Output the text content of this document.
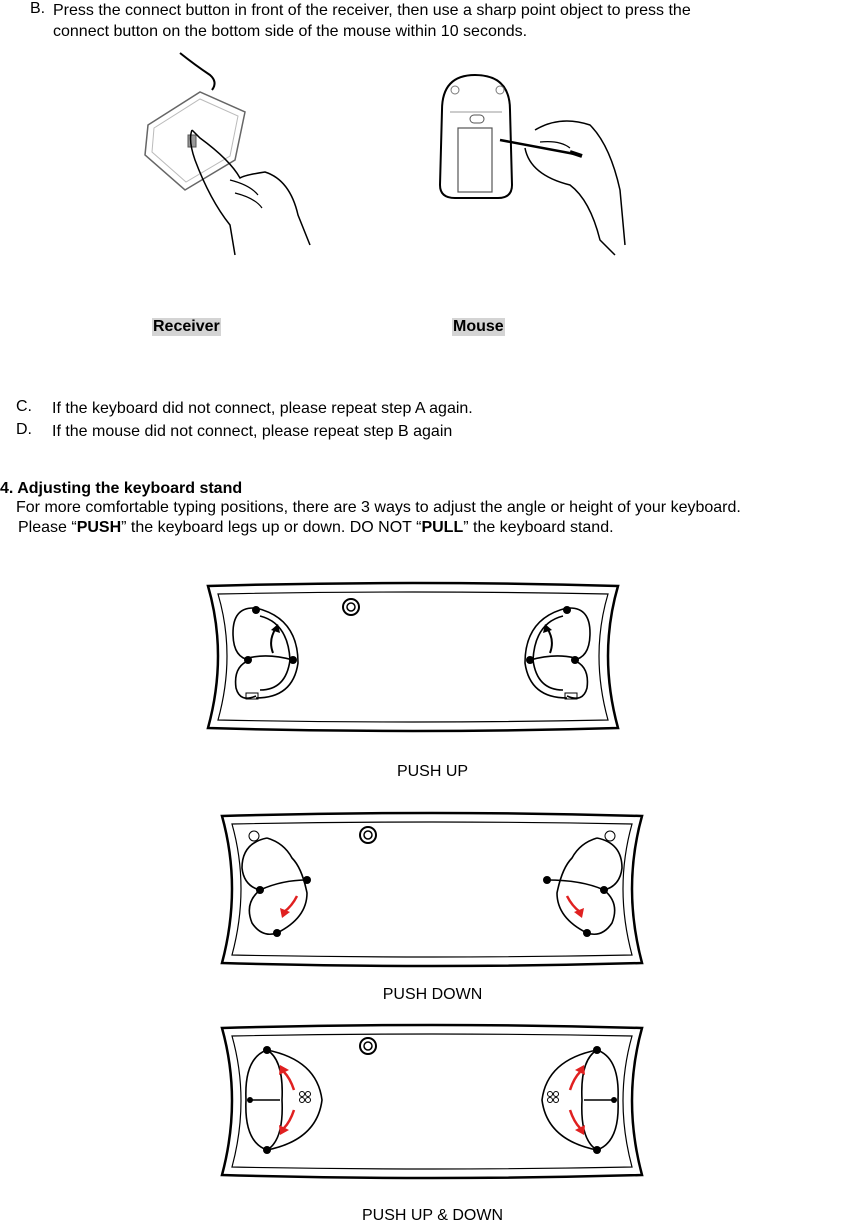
B. Press the connect button in front of the receiver, then use a sharp point object to press the
connect button on the bottom side of the mouse within 10 seconds.
Receiver	Mouse
C. If the keyboard did not connect, please repeat step A again.
D. If the mouse did not connect, please repeat step B again
4. Adjusting the keyboard stand
For more comfortable typing positions, there are 3 ways to adjust the angle or height of your keyboard.
Please “PUSH” the keyboard legs up or down. DO NOT “PULL” the keyboard stand.
PUSH UP
PUSH DOWN
PUSH UP & DOWN
